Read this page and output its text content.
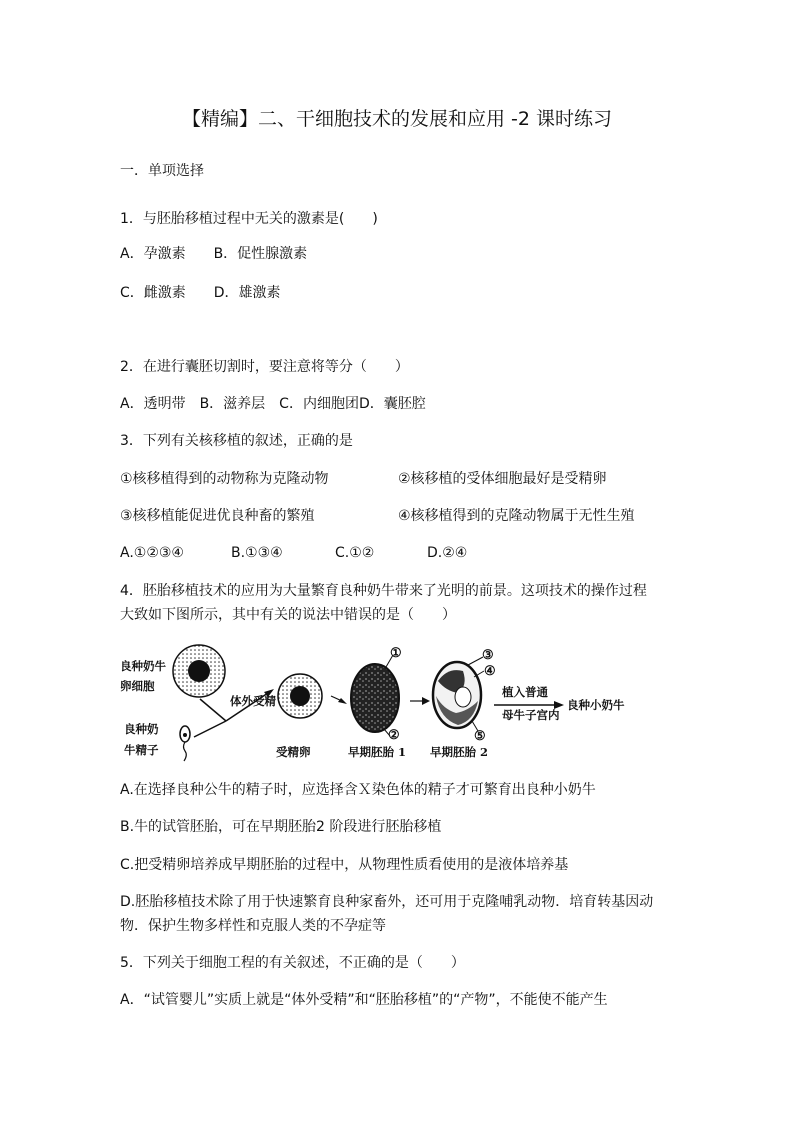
【精编】二、干细胞技术的发展和应用 -2 课时练习
一．单项选择
1．与胚胎移植过程中无关的激素是(　　)
A．孕激素　　B．促性腺激素
C．雌激素　　D．雄激素
2．在进行囊胚切割时，要注意将等分（　　）
A．透明带　B．滋养层　C．内细胞团D．囊胚腔
3．下列有关核移植的叙述，正确的是
①核移植得到的动物称为克隆动物	②核移植的受体细胞最好是受精卵
③核移植能促进优良种畜的繁殖	④核移植得到的克隆动物属于无性生殖
A.①②③④	B.①③④	C.①②	D.②④
4．胚胎移植技术的应用为大量繁育良种奶牛带来了光明的前景。这项技术的操作过程
大致如下图所示，其中有关的说法中错误的是（　　）
良种奶牛
卵细胞
良种奶
牛精子
体外受精
受精卵	早期胚胎 1 早期胚胎 2
植入普通
母牛子宫内
良种小奶牛
①
②
③
④
⑤
A.在选择良种公牛的精子时，应选择含Ｘ染色体的精子才可繁育出良种小奶牛
B.牛的试管胚胎，可在早期胚胎2 阶段进行胚胎移植
C.把受精卵培养成早期胚胎的过程中，从物理性质看使用的是液体培养基
D.胚胎移植技术除了用于快速繁育良种家畜外，还可用于克隆哺乳动物．培育转基因动
物．保护生物多样性和克服人类的不孕症等
5．下列关于细胞工程的有关叙述，不正确的是（　　）
A．“试管婴儿”实质上就是“体外受精”和“胚胎移植”的“产物”，不能使不能产生
